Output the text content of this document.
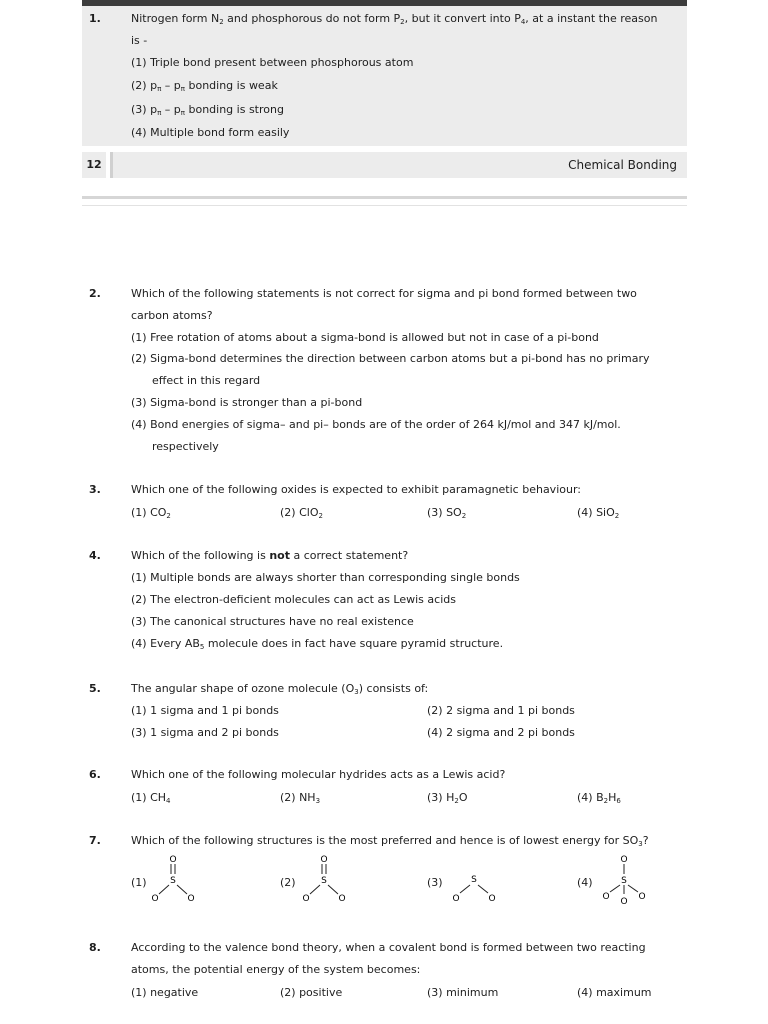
1.	Nitrogen form $N_2$ and phosphorous do not form $P_2$, but it convert into $P_4$, at a instant the reason
is -
(1) Triple bond present between phosphorous atom
(2) $p_\pi - p_\pi$ bonding is weak
(3) $p_\pi - p_\pi$ bonding is strong
(4) Multiple bond form easily
12	Chemical Bonding
2.	Which of the following statements is not correct for sigma and pi bond formed between two
carbon atoms?
(1) Free rotation of atoms about a sigma-bond is allowed but not in case of a pi-bond
(2) Sigma-bond determines the direction between carbon atoms but a pi-bond has no primary
effect in this regard
(3) Sigma-bond is stronger than a pi-bond
(4) Bond energies of sigma– and pi– bonds are of the order of 264 kJ/mol and 347 kJ/mol.
respectively
3.	Which one of the following oxides is expected to exhibit paramagnetic behaviour:
(1) $CO_2$	(2) ClO$_2$	(3) $SO_2$	(4) SiO$_2$
4.	Which of the following is not a correct statement?
(1) Multiple bonds are always shorter than corresponding single bonds
(2) The electron-deficient molecules can act as Lewis acids
(3) The canonical structures have no real existence
(4) Every $AB_5$ molecule does in fact have square pyramid structure.
5.	The angular shape of ozone molecule $(O_3)$ consists of:
(1) 1 sigma and 1 pi bonds	(2) 2 sigma and 1 pi bonds
(3) 1 sigma and 2 pi bonds	(4) 2 sigma and 2 pi bonds
6.	Which one of the following molecular hydrides acts as a Lewis acid?
(1) $CH_4$	(2) $NH_3$	(3) $H_2O$	(4) $B_2H_6$
7.	Which of the following structures is the most preferred and hence is of lowest energy for $SO_3$?
(1)
O
S
O	O
(2)
O
S
O	O
(3)	S
O	O
(4)
O
S
O	O
O
8.	According to the valence bond theory, when a covalent bond is formed between two reacting
atoms, the potential energy of the system becomes:
(1) negative	(2) positive	(3) minimum	(4) maximum
